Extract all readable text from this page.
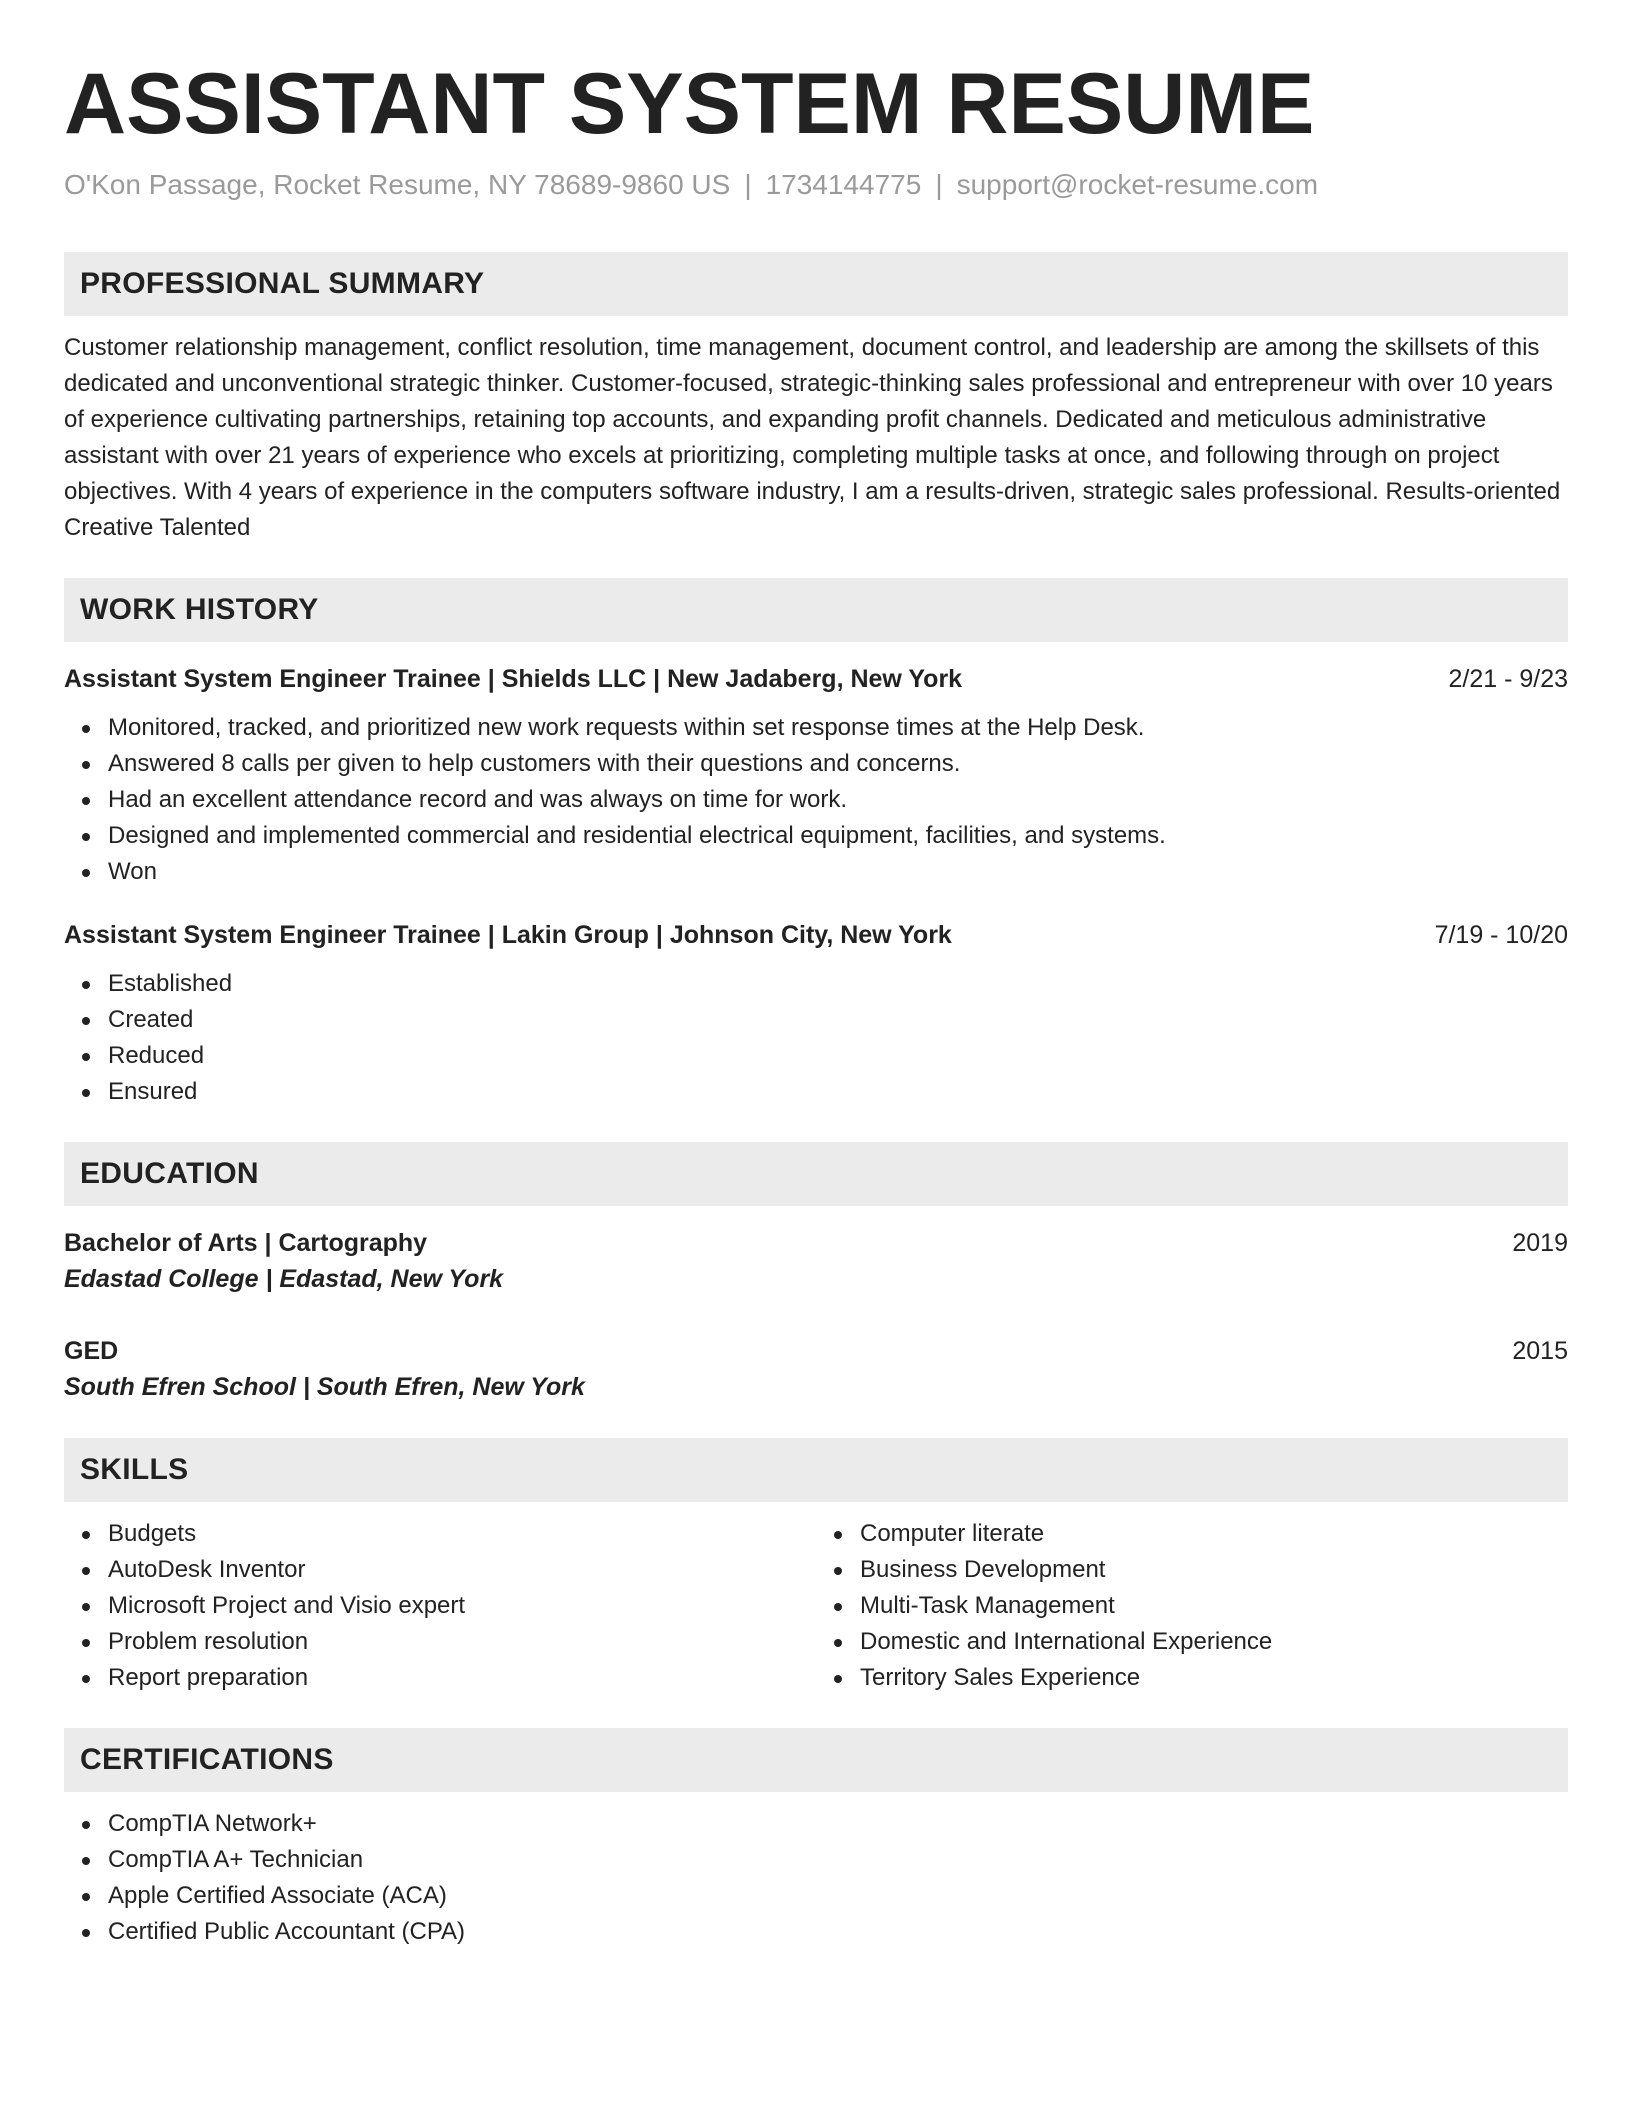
ASSISTANT SYSTEM RESUME
O'Kon Passage, Rocket Resume, NY 78689-9860 US | 1734144775 | support@rocket-resume.com
PROFESSIONAL SUMMARY
Customer relationship management, conflict resolution, time management, document control, and leadership are among the skillsets of this dedicated and unconventional strategic thinker. Customer-focused, strategic-thinking sales professional and entrepreneur with over 10 years of experience cultivating partnerships, retaining top accounts, and expanding profit channels. Dedicated and meticulous administrative assistant with over 21 years of experience who excels at prioritizing, completing multiple tasks at once, and following through on project objectives. With 4 years of experience in the computers software industry, I am a results-driven, strategic sales professional. Results-oriented Creative Talented
WORK HISTORY
Assistant System Engineer Trainee | Shields LLC | New Jadaberg, New York	2/21 - 9/23
Monitored, tracked, and prioritized new work requests within set response times at the Help Desk.
Answered 8 calls per given to help customers with their questions and concerns.
Had an excellent attendance record and was always on time for work.
Designed and implemented commercial and residential electrical equipment, facilities, and systems.
Won
Assistant System Engineer Trainee | Lakin Group | Johnson City, New York	7/19 - 10/20
Established
Created
Reduced
Ensured
EDUCATION
Bachelor of Arts | Cartography	2019
Edastad College | Edastad, New York
GED	2015
South Efren School | South Efren, New York
SKILLS
Budgets
AutoDesk Inventor
Microsoft Project and Visio expert
Problem resolution
Report preparation
Computer literate
Business Development
Multi-Task Management
Domestic and International Experience
Territory Sales Experience
CERTIFICATIONS
CompTIA Network+
CompTIA A+ Technician
Apple Certified Associate (ACA)
Certified Public Accountant (CPA)
